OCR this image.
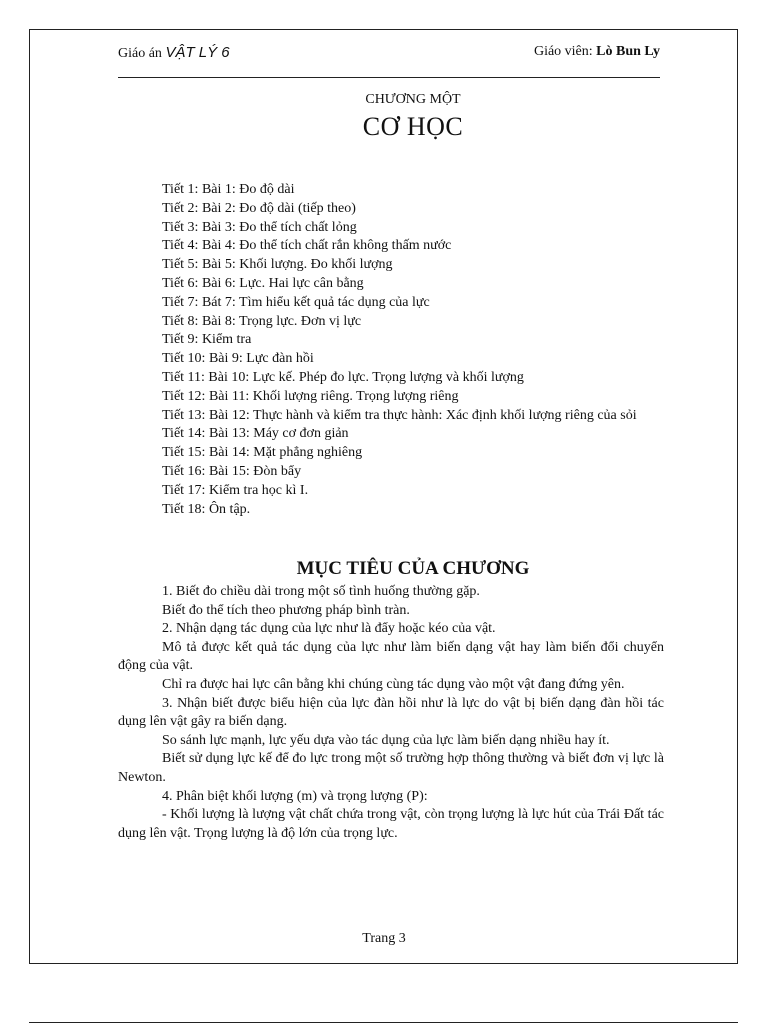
Giáo án VẬT LÝ 6	Giáo viên: Lò Bun Ly
CHƯƠNG MỘT
CƠ HỌC
Tiết 1: Bài 1: Đo độ dài
Tiết 2: Bài 2: Đo độ dài (tiếp theo)
Tiết 3: Bài 3: Đo thể tích chất lỏng
Tiết 4: Bài 4: Đo thể tích chất rắn không thấm nước
Tiết 5: Bài 5: Khối lượng. Đo khối lượng
Tiết 6: Bài 6: Lực. Hai lực cân bằng
Tiết 7: Bát 7: Tìm hiểu kết quả tác dụng của lực
Tiết 8: Bài 8: Trọng lực. Đơn vị lực
Tiết 9: Kiểm tra
Tiết 10: Bài 9: Lực đàn hồi
Tiết 11: Bài 10: Lực kế. Phép đo lực. Trọng lượng và khối lượng
Tiết 12: Bài 11: Khối lượng riêng. Trọng lượng riêng
Tiết 13: Bài 12: Thực hành và kiểm tra thực hành: Xác định khối lượng riêng của sỏi
Tiết 14: Bài 13: Máy cơ đơn giản
Tiết 15: Bài 14: Mặt phẳng nghiêng
Tiết 16: Bài 15: Đòn bẩy
Tiết 17: Kiểm tra học kì I.
Tiết 18: Ôn tập.
MỤC TIÊU CỦA CHƯƠNG
1. Biết đo chiều dài trong một số tình huống thường gặp.
Biết đo thể tích theo phương pháp bình tràn.
2. Nhận dạng tác dụng của lực như là đẩy hoặc kéo của vật.
Mô tả được kết quả tác dụng của lực như làm biến dạng vật hay làm biến đổi chuyển động của vật.
Chỉ ra được hai lực cân bằng khi chúng cùng tác dụng vào một vật đang đứng yên.
3. Nhận biết được biểu hiện của lực đàn hồi như là lực do vật bị biến dạng đàn hồi tác dụng lên vật gây ra biến dạng.
So sánh lực mạnh, lực yếu dựa vào tác dụng của lực làm biến dạng nhiều hay ít.
Biết sử dụng lực kế để đo lực trong một số trường hợp thông thường và biết đơn vị lực là Newton.
4. Phân biệt khối lượng (m) và trọng lượng (P):
- Khối lượng là lượng vật chất chứa trong vật, còn trọng lượng là lực hút của Trái Đất tác dụng lên vật. Trọng lượng là độ lớn của trọng lực.
Trang 3
